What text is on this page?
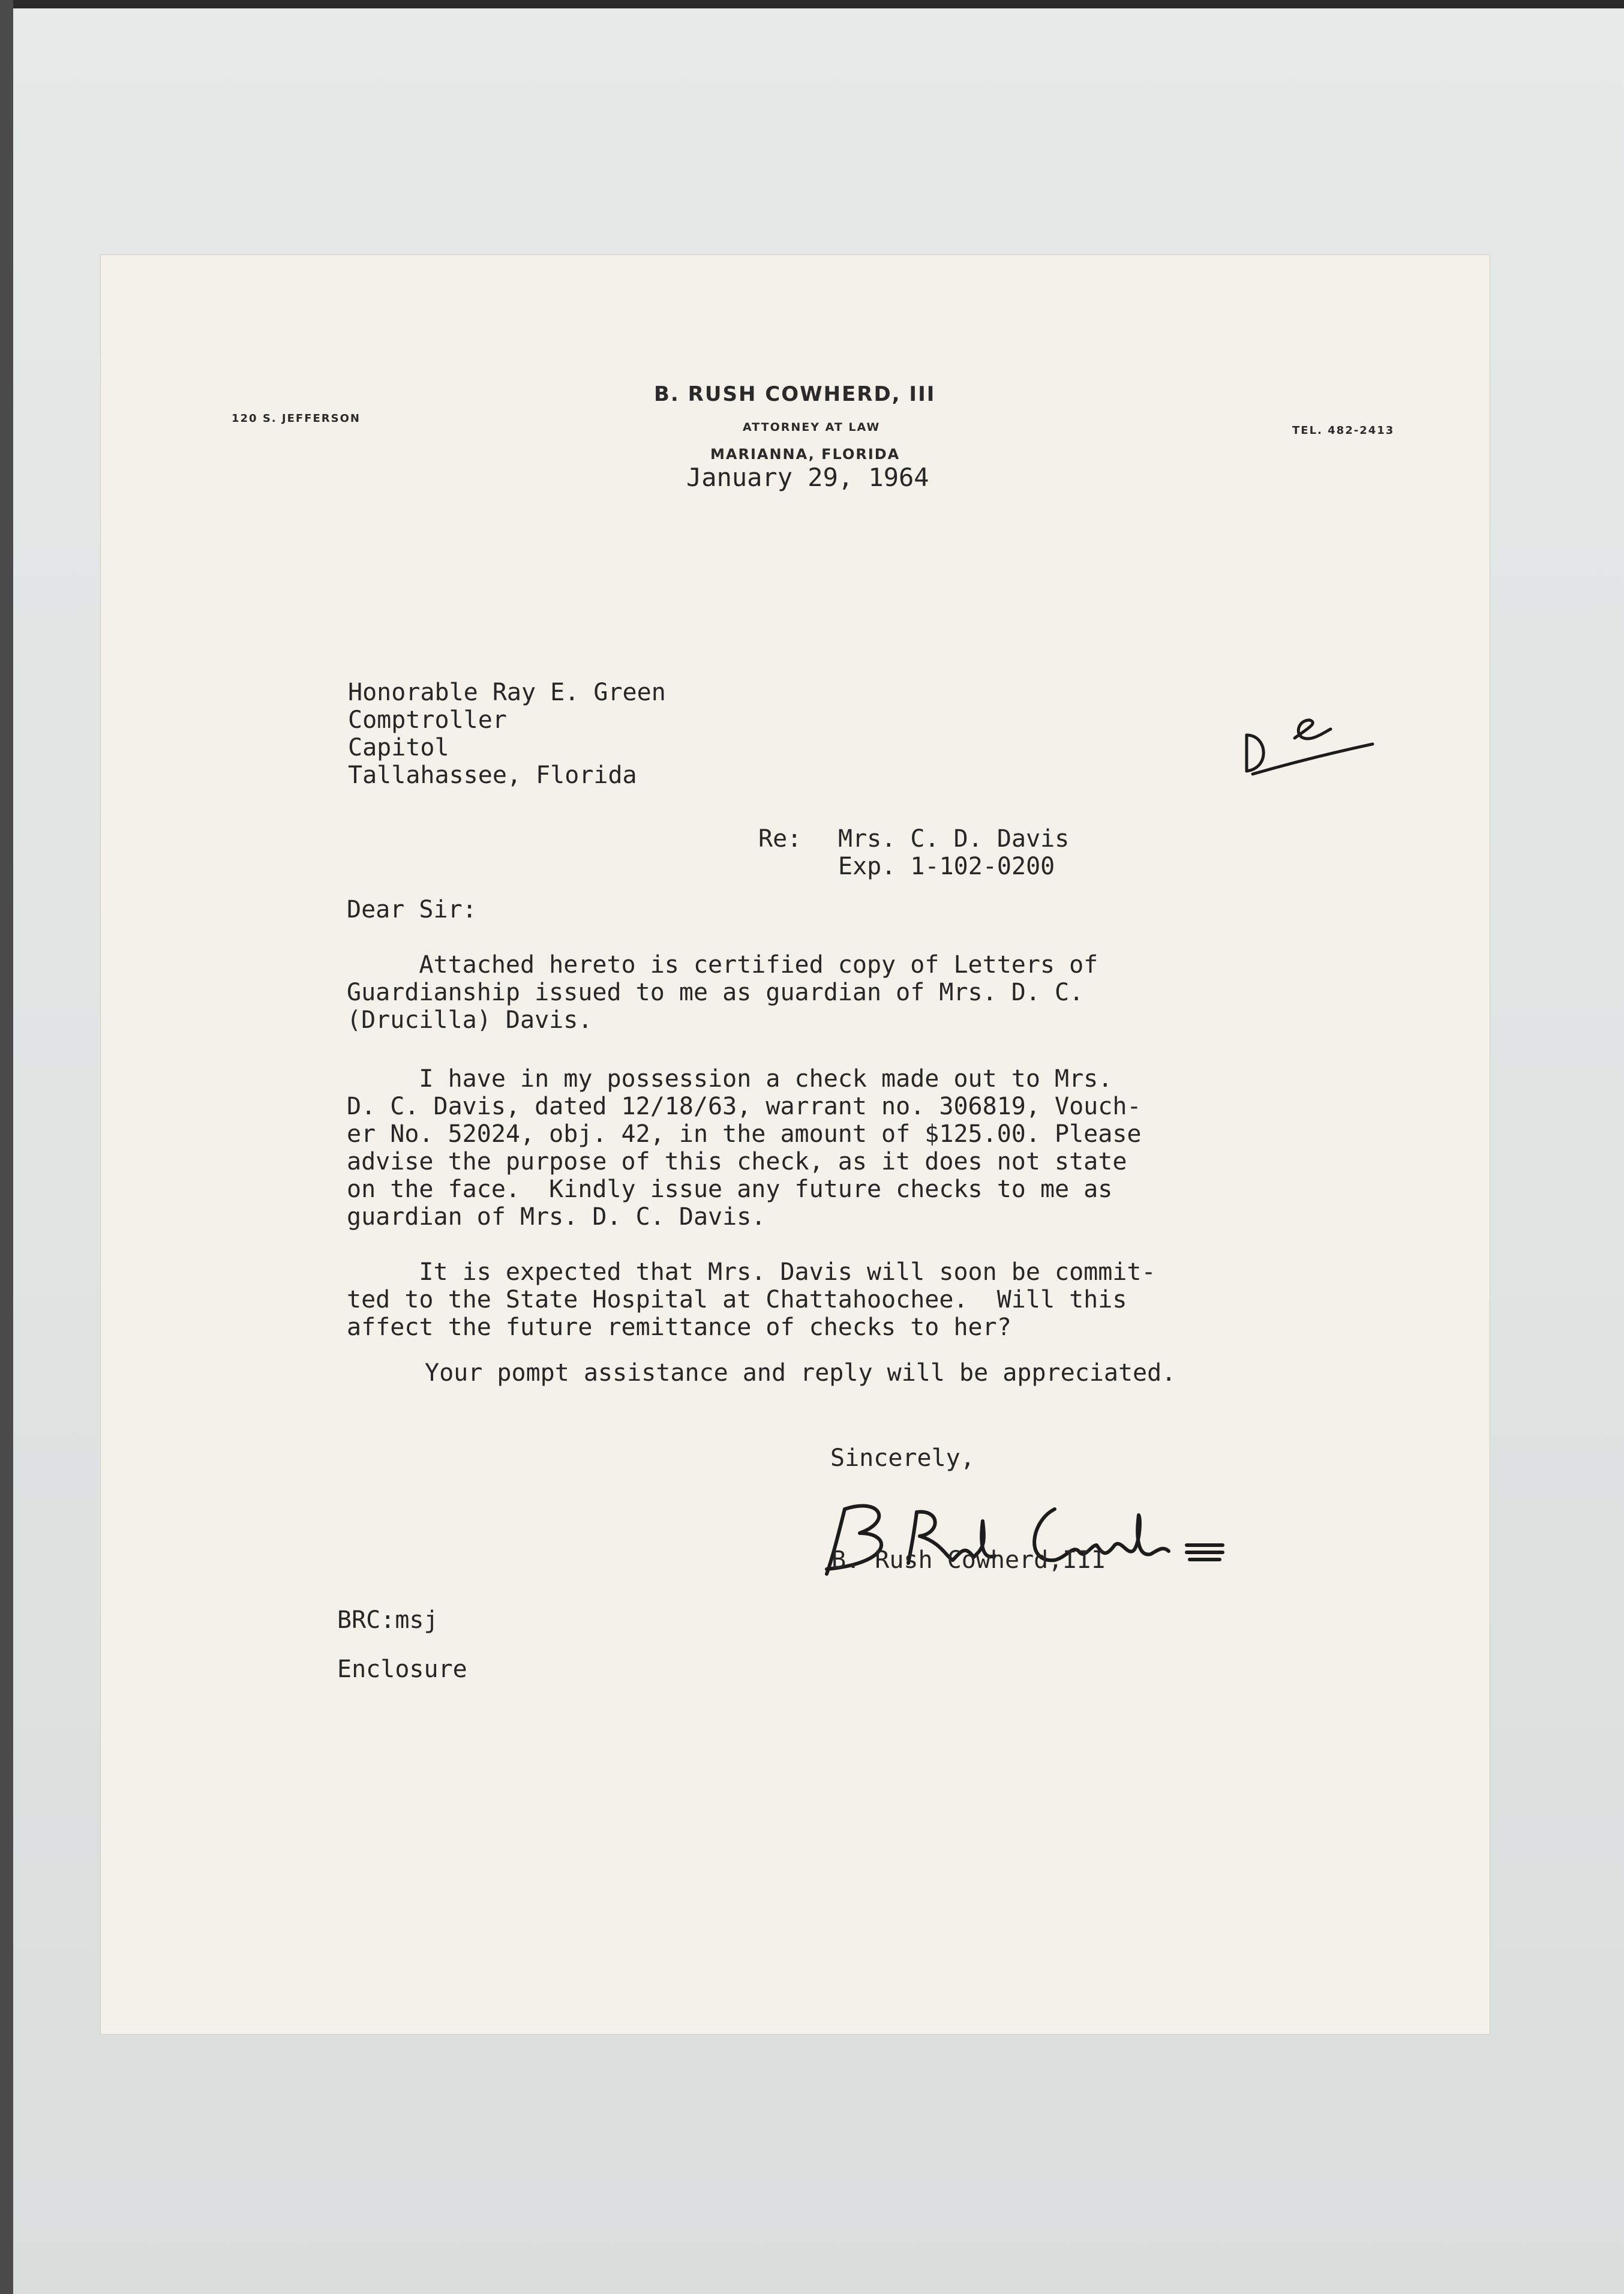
B. RUSH COWHERD, III
ATTORNEY AT LAW
MARIANNA, FLORIDA
120 S. JEFFERSON
TEL. 482-2413
January 29, 1964
Honorable Ray E. Green
Comptroller
Capitol
Tallahassee, Florida
Re: Mrs. C. D. Davis
Exp. 1-102-0200
Dear Sir:
Attached hereto is certified copy of Letters of
Guardianship issued to me as guardian of Mrs. D. C.
(Drucilla) Davis.
I have in my possession a check made out to Mrs.
D. C. Davis, dated 12/18/63, warrant no. 306819, Vouch-
er No. 52024, obj. 42, in the amount of $125.00. Please
advise the purpose of this check, as it does not state
on the face.  Kindly issue any future checks to me as
guardian of Mrs. D. C. Davis.
It is expected that Mrs. Davis will soon be commit-
ted to the State Hospital at Chattahoochee.  Will this
affect the future remittance of checks to her?
Your pompt assistance and reply will be appreciated.
Sincerely,
B. Rush Cowherd,III
BRC:msj
Enclosure
